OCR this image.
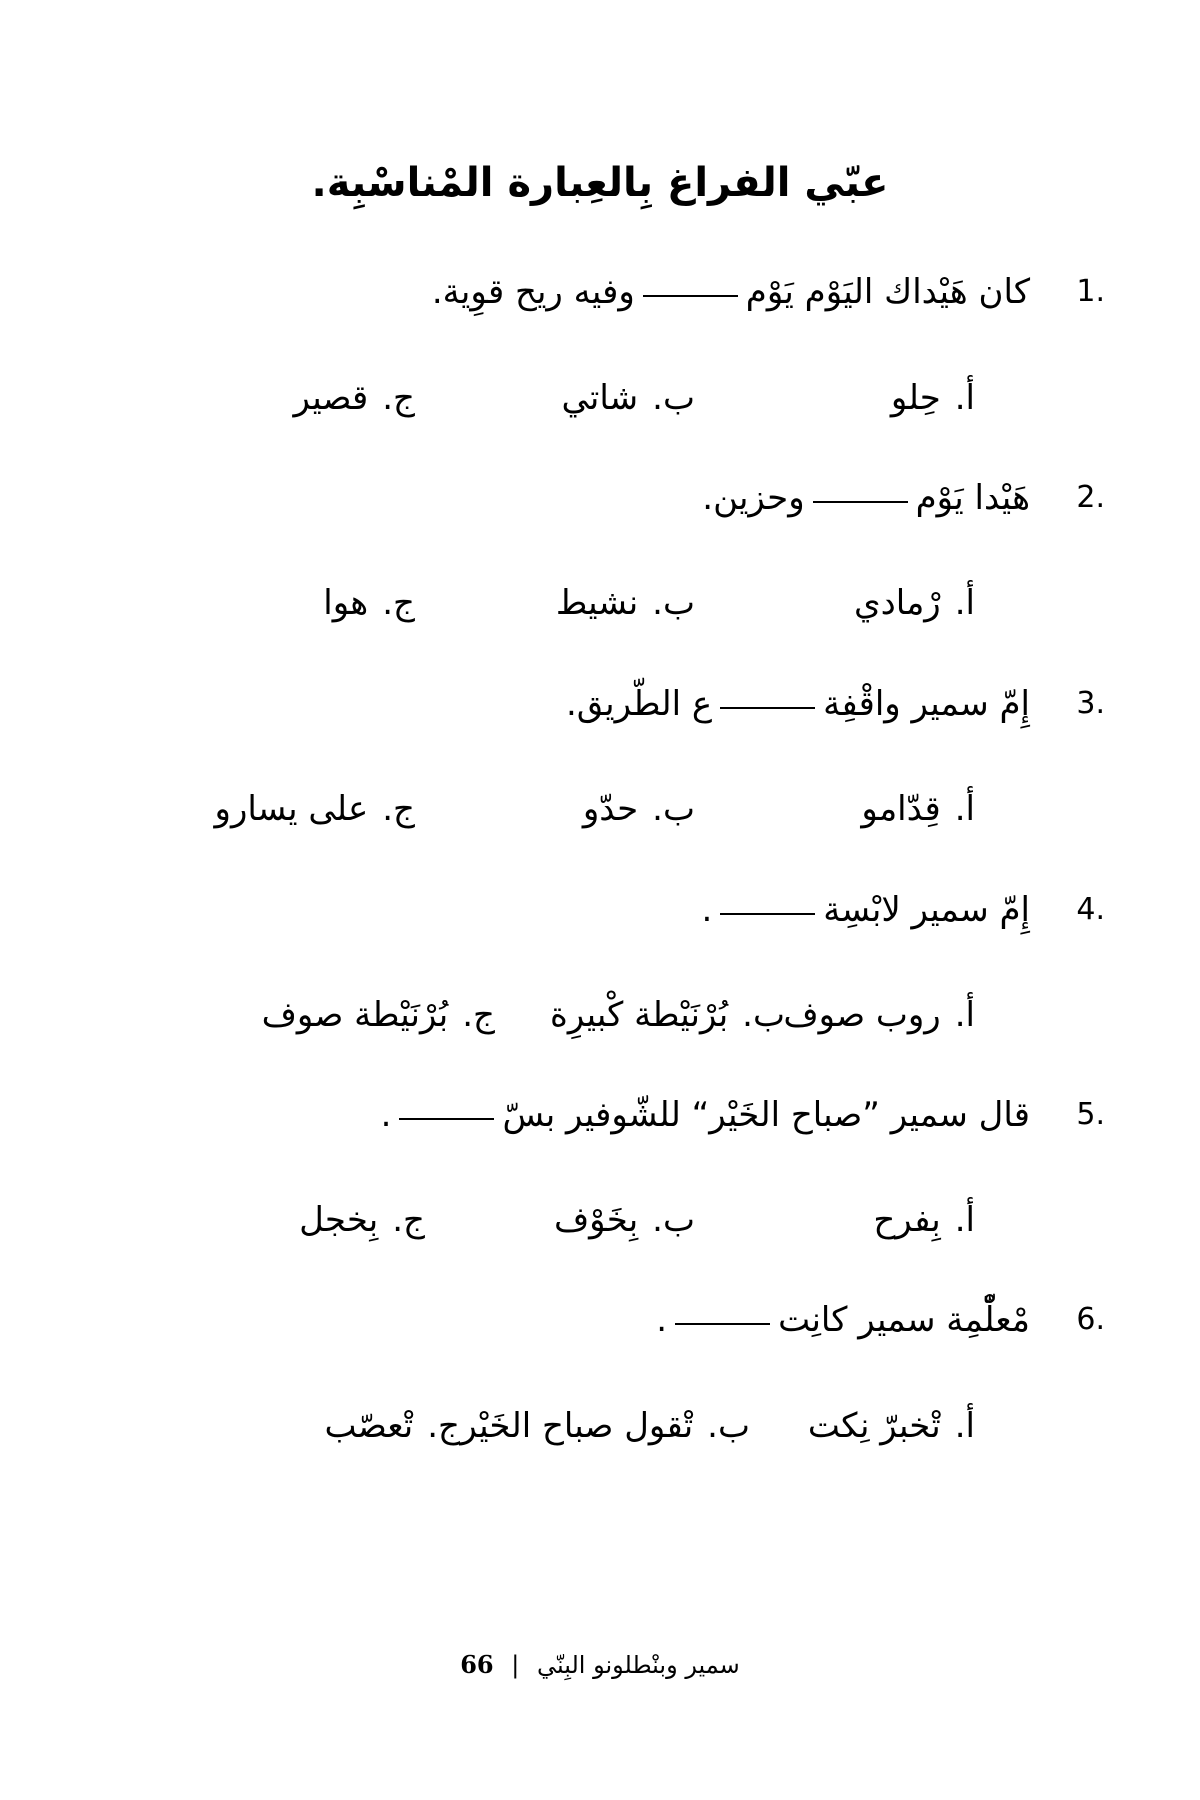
عبّي الفراغ بِالعِبارة المْناسْبِة.
1.
كان هَيْداك اليَوْم يَوْموفيه ريح قوِية.
أ.
حِلو
ب.
شاتي
ج.
قصير
2.
هَيْدا يَوْموحزين.
أ.
رْمادي
ب.
نشيط
ج.
هوا
3.
إِمّ سمير واقْفِةع الطّريق.
أ.
قِدّامو
ب.
حدّو
ج.
على يسارو
4.
إِمّ سمير لابْسِة.
أ.
روب صوف
ب.
بُرْنَيْطة كْبيرِة
ج.
بُرْنَيْطة صوف
5.
قال سمير ”صباح الخَيْر“ للشّوفير بسّ.
أ.
بِفرح
ب.
بِخَوْف
ج.
بِخجل
6.
مْعلّْمِة سمير كانِت.
أ.
تْخبرّ نِكت
ب.
تْقول صباح الخَيْر
ج.
تْعصّب
سمير وبنْطلونو البِنّي | 66
